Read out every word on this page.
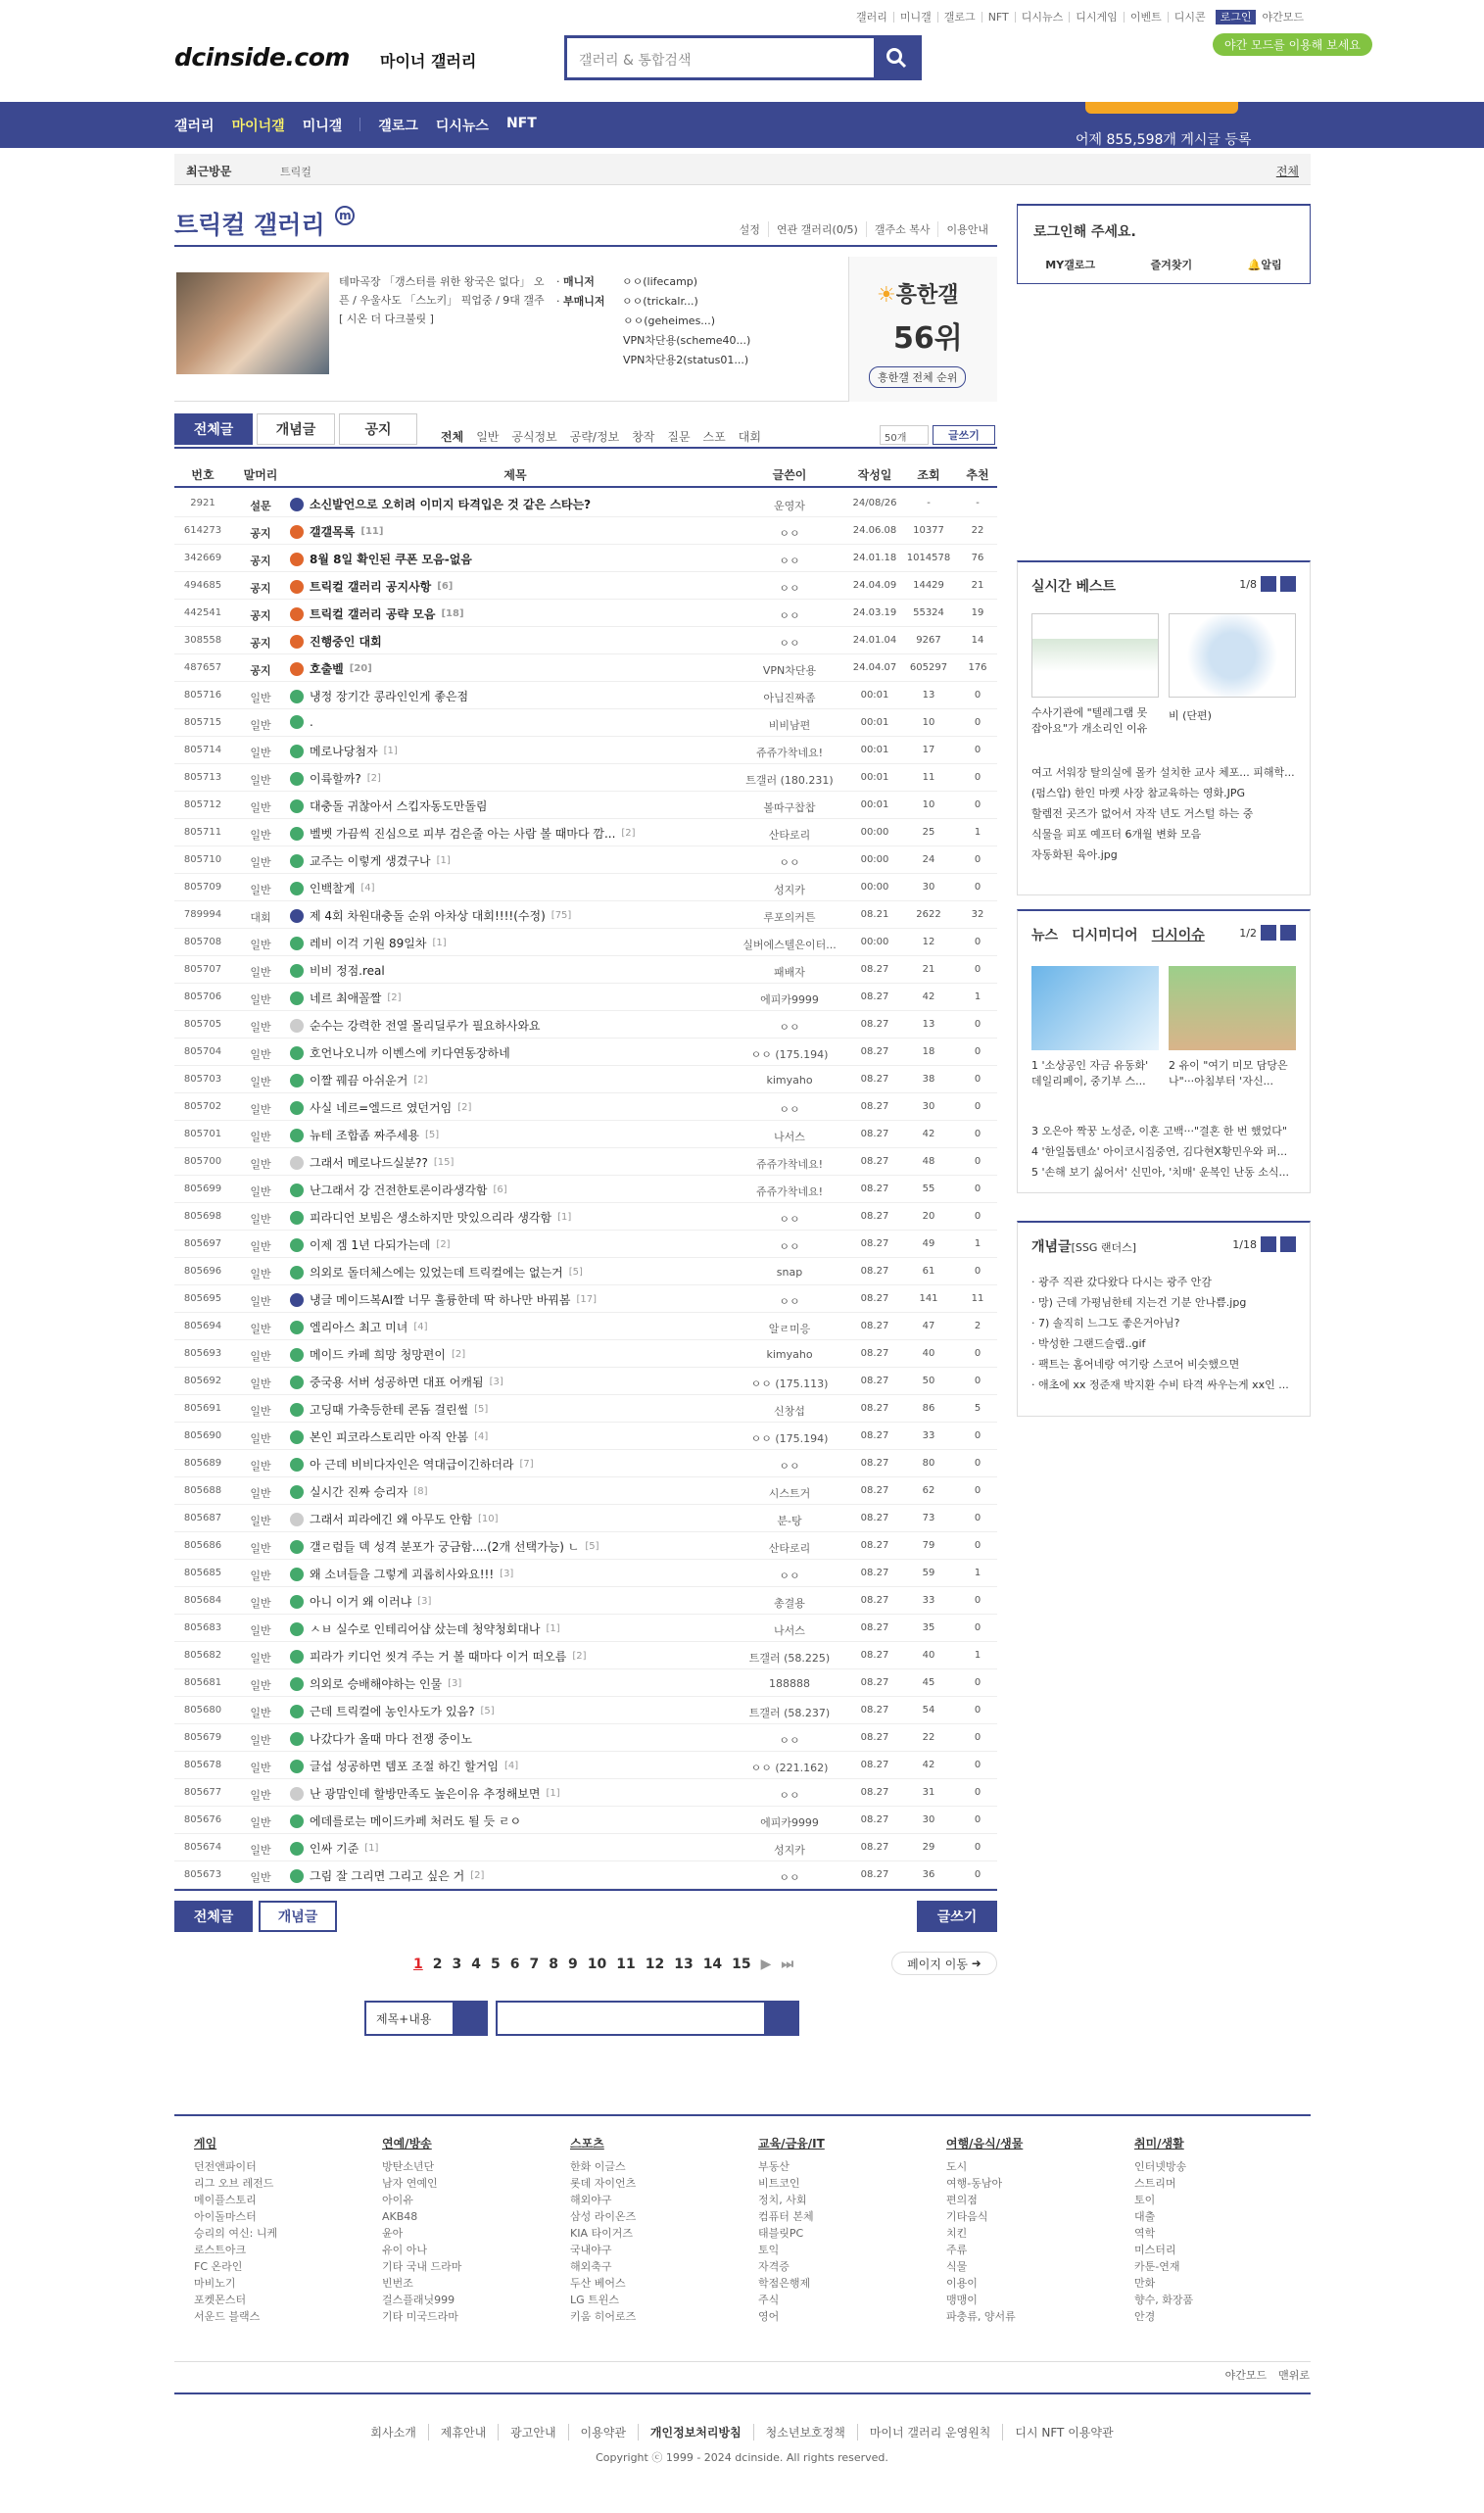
갤러리	미니갤	갤로그	NFT	디시뉴스	디시게임	이벤트	디시콘	로그인	야간모드
야간 모드를 이용해 보세요
dcinside.com 마이너 갤러리	갤러리 & 통합검색
갤러리 마이너갤 미니갤	갤로그 디시뉴스 NFT
어제 855,598개 게시글 등록
최근방문	트릭컬	전체
트릭컬 갤러리 m
설정	연관 갤러리(0/5)	갤주소 복사	이용안내
테마곡장 「갱스터를 위한 왕국은 없다」 오픈 / 우울사도 「스노키」 픽업중 / 9대 갤주 [ 시온 더 다크불릿 ]
· 매니저	ㅇㅇ(lifecamp)
· 부매니저 ㅇㅇ(trickalr...)
ㅇㅇ(geheimes...)
VPN차단용(scheme40...)
VPN차단용2(status01...)
☀흥한갤
56위
흥한갤 전체 순위
전체글	개념글	공지	전체 일반 공식정보 공략/정보 창작 질문 스포 대회	50개	글쓰기
번호	말머리	제목	글쓴이	작성일	조회	추천
2921	설문	소신발언으로 오히려 이미지 타격입은 것 같은 스타는?	운영자	24/08/26	-	-
614273	공지	갤갤목록 [11]	ㅇㅇ	24.06.08	10377	22
342669	공지	8월 8일 확인된 쿠폰 모음-없음	ㅇㅇ	24.01.18	1014578	76
494685	공지	트릭컬 갤러리 공지사항 [6]	ㅇㅇ	24.04.09	14429	21
442541	공지	트릭컬 갤러리 공략 모음 [18]	ㅇㅇ	24.03.19	55324	19
308558	공지	진행중인 대회	ㅇㅇ	24.01.04	9267	14
487657	공지	호출벨 [20]	VPN차단용	24.04.07	605297	176
805716	일반	냉정 장기간 콩라인인게 좋은점	아닙진짜좀	00:01	13	0
805715	일반	.	비비남편	00:01	10	0
805714	일반	메로나당첨자 [1]	쥬쥬가착네요!	00:01	17	0
805713	일반	이륙할까? [2]	트갤러 (180.231)	00:01	11	0
805712	일반	대충돌 귀찮아서 스킵자동도만돌림	볼따구찹찹	00:01	10	0
805711	일반	벨벳 가끔씩 진심으로 피부 검은줄 아는 사람 볼 때마다 깜... [2]	산타로리	00:00	25	1
805710	일반	교주는 이렇게 생겼구나 [1]	ㅇㅇ	00:00	24	0
805709	일반	인백찰게 [4]	성지카	00:00	30	0
789994	대회	제 4회 차원대충돌 순위 아차상 대회!!!!(수정) [75]	루포의커튼	08.21	2622	32
805708	일반	레비 이걱 기원 89일차 [1]	실버에스텔은이터...	00:00	12	0
805707	일반	비비 정점.real	패배자	08.27	21	0
805706	일반	네르 최애꼴짤 [2]	에피카9999	08.27	42	1
805705	일반	순수는 강력한 전열 몰리딜루가 필요하사와요	ㅇㅇ	08.27	13	0
805704	일반	호언나오니까 이벤스에 키다연동장하네	ㅇㅇ (175.194)	08.27	18	0
805703	일반	이짤 꿰끔 아쉬운거 [2]	kimyaho	08.27	38	0
805702	일반	사실 네르=엘드르 였던거임 [2]	ㅇㅇ	08.27	30	0
805701	일반	뉴테 조합좀 짜주세용 [5]	나서스	08.27	42	0
805700	일반	그래서 메로나드실분?? [15]	쥬쥬가착네요!	08.27	48	0
805699	일반	난그래서 강 건전한토론이라생각함 [6]	쥬쥬가착네요!	08.27	55	0
805698	일반	피라디언 보빔은 생소하지만 맛있으리라 생각함 [1]	ㅇㅇ	08.27	20	0
805697	일반	이제 겜 1년 다되가는데 [2]	ㅇㅇ	08.27	49	1
805696	일반	의외로 돌더체스에는 있었는데 트릭컬에는 없는거 [5]	snap	08.27	61	0
805695	일반	냉글 메이드복AI짤 너무 훌륭한데 딱 하나만 바꿔봄 [17]	ㅇㅇ	08.27	141	11
805694	일반	엘리아스 최고 미녀 [4]	알ㄹ미응	08.27	47	2
805693	일반	메이드 카페 희망 청망편이 [2]	kimyaho	08.27	40	0
805692	일반	중국용 서버 성공하면 대표 어캐됨 [3]	ㅇㅇ (175.113)	08.27	50	0
805691	일반	고딩때 가축등한테 콘돔 걸린썰 [5]	신창섭	08.27	86	5
805690	일반	본인 피코라스토리만 아직 안봄 [4]	ㅇㅇ (175.194)	08.27	33	0
805689	일반	아 근데 비비다자인은 역대급이긴하더라 [7]	ㅇㅇ	08.27	80	0
805688	일반	실시간 진짜 승리자 [8]	시스트거	08.27	62	0
805687	일반	그래서 피라에긴 왜 아무도 안함 [10]	분-탕	08.27	73	0
805686	일반	갤ㄹ럼들 덱 성격 분포가 궁금함....(2개 선택가능) ㄴ [5]	산타로리	08.27	79	0
805685	일반	왜 소녀들을 그렇게 괴롭히사와요!!! [3]	ㅇㅇ	08.27	59	1
805684	일반	아니 이거 왜 이러냐 [3]	총결용	08.27	33	0
805683	일반	ㅅㅂ 실수로 인테리어샵 샀는데 청약청회대나 [1]	나서스	08.27	35	0
805682	일반	피라가 키디언 씻겨 주는 거 볼 때마다 이거 떠오름 [2]	트갤러 (58.225)	08.27	40	1
805681	일반	의외로 승배해야하는 인물 [3]	188888	08.27	45	0
805680	일반	근데 트릭컬에 농인사도가 있음? [5]	트갤러 (58.237)	08.27	54	0
805679	일반	나갔다가 올때 마다 전쟁 중이노	ㅇㅇ	08.27	22	0
805678	일반	글섭 성공하면 템포 조절 하긴 할거임 [4]	ㅇㅇ (221.162)	08.27	42	0
805677	일반	난 광맘인데 할방만족도 높은이유 추정해보면 [1]	ㅇㅇ	08.27	31	0
805676	일반	에데를로는 메이드카페 처러도 될 듯 ㄹㅇ	에피카9999	08.27	30	0
805674	일반	인싸 기준 [1]	성지카	08.27	29	0
805673	일반	그림 잘 그리면 그리고 싶은 거 [2]	ㅇㅇ	08.27	36	0
전체글	개념글	글쓰기
1 2 3 4 5 6 7 8 9 10 11 12 13 14 15 ▶ ⏭	페이지 이동
➜
제목+내용
로그인해 주세요.
MY갤로그	즐겨찾기	🔔알림
실시간 베스트	1/8
수사기관에 "텔레그램 못 잡아요"가 개소리인 이유
비 (단편)
여고 서워장 탈의실에 몰카 설치한 교사 체포... 피해학...
(펌스압) 한인 마켓 사장 참교육하는 영화.JPG
할렘전 곳즈가 없어서 자작 년도 거스털 하는 중
식물을 피포 예프터 6개월 변화 모음
자동화된 육아.jpg
뉴스 디시미디어 디시이슈	1/2
1 '소상공인 자금 유동화' 데일리페이, 중기부 스...
2 유이 "여기 미모 담당은 나"···아침부터 '자신...
3 오은아 짝꿍 노성준, 이혼 고백···"결혼 한 번 했었다"
4 '한일톱텐쇼' 아이코시집중연, 김다현X황민우와 퍼...
5 '손해 보기 싫어서' 신민아, '치매' 운복인 난동 소식...
개념글[SSG 랜더스]	1/18
· 광주 직관 갔다왔다 다시는 광주 안감
· 망) 근데 가평님한테 지는건 기분 안나쁨.jpg
· 7) 솔직히 느그도 좋은거아님?
· 박성한 그랜드슬랩..gif
· 팩트는 홈어네랑 여기랑 스코어 비슷했으면
· 애초에 xx 정준재 박지환 수비 타격 싸우는게 xx인 ...
게임
던전앤파이터
리그 오브 레전드
메이플스토리
아이돌마스터
승리의 여신: 니케
로스트아크
FC 온라인
마비노기
포켓몬스터
서운드 블랙스
연예/방송
방탄소년단
남자 연예인
아이유
AKB48
윤아
유이 아나
기타 국내 드라마
빈번조
걸스플래닛999
기타 미국드라마
스포츠
한화 이글스
롯데 자이언츠
해외야구
삼성 라이온즈
KIA 타이거즈
국내야구
해외축구
두산 베어스
LG 트윈스
키움 히어로즈
교육/금융/IT
부동산
비트코인
정치, 사회
컴퓨터 본체
태블릿PC
토익
자격증
학점은행제
주식
영어
여행/음식/생물
도시
여행-동남아
편의점
기타음식
치킨
주류
식물
이용이
맹맹이
파충류, 양서류
취미/생활
인터넷방송
스트리머
토이
대출
역학
미스터리
카툰-연재
만화
향수, 화장품
안경
야간모드 맨위로
회사소개	제휴안내	광고안내	이용약관	개인정보처리방침	청소년보호정책	마이너 갤러리 운영원칙	디시 NFT 이용약관
Copyright ⓒ 1999 - 2024 dcinside. All rights reserved.
